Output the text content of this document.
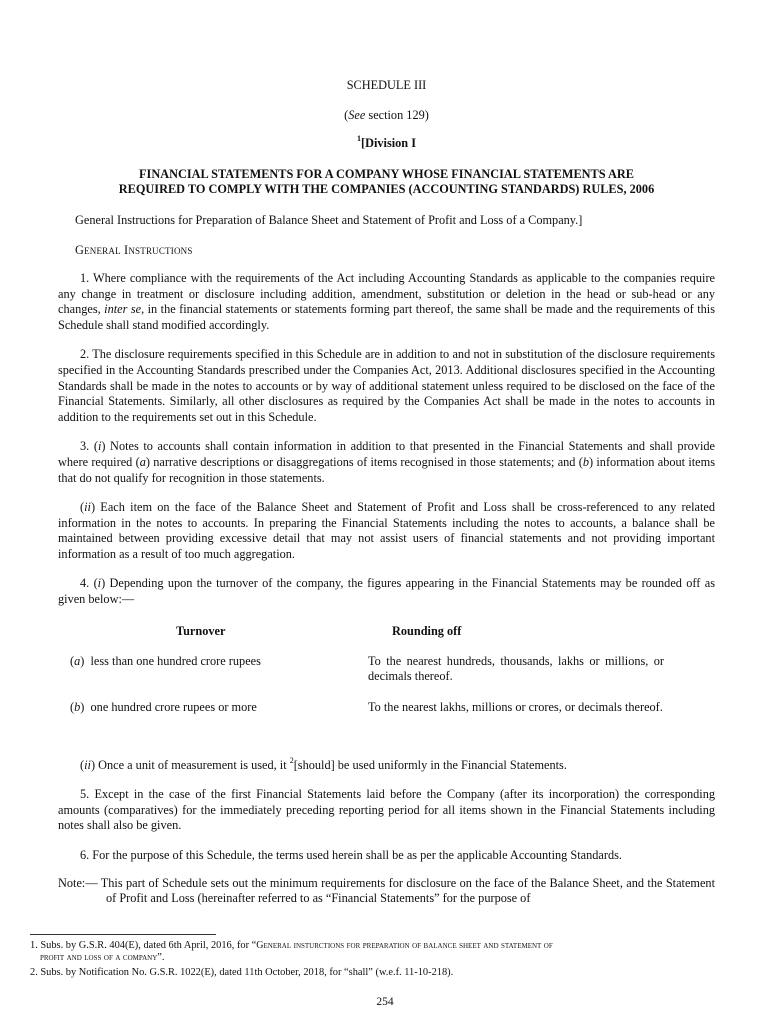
SCHEDULE III
(See section 129)
$^1$[Division I
FINANCIAL STATEMENTS FOR A COMPANY WHOSE FINANCIAL STATEMENTS ARE
REQUIRED TO COMPLY WITH THE COMPANIES (ACCOUNTING STANDARDS) RULES, 2006
General Instructions for Preparation of Balance Sheet and Statement of Profit and Loss of a Company.]
General Instructions
1. Where compliance with the requirements of the Act including Accounting Standards as applicable to the companies require any change in treatment or disclosure including addition, amendment, substitution or deletion in the head or sub-head or any changes, inter se, in the financial statements or statements forming part thereof, the same shall be made and the requirements of this Schedule shall stand modified accordingly.
2. The disclosure requirements specified in this Schedule are in addition to and not in substitution of the disclosure requirements specified in the Accounting Standards prescribed under the Companies Act, 2013. Additional disclosures specified in the Accounting Standards shall be made in the notes to accounts or by way of additional statement unless required to be disclosed on the face of the Financial Statements. Similarly, all other disclosures as required by the Companies Act shall be made in the notes to accounts in addition to the requirements set out in this Schedule.
3. (i) Notes to accounts shall contain information in addition to that presented in the Financial Statements and shall provide where required (a) narrative descriptions or disaggregations of items recognised in those statements; and (b) information about items that do not qualify for recognition in those statements.
(ii) Each item on the face of the Balance Sheet and Statement of Profit and Loss shall be cross-referenced to any related information in the notes to accounts. In preparing the Financial Statements including the notes to accounts, a balance shall be maintained between providing excessive detail that may not assist users of financial statements and not providing important information as a result of too much aggregation.
4. (i) Depending upon the turnover of the company, the figures appearing in the Financial Statements may be rounded off as given below:—
Turnover	Rounding off
(a)  less than one hundred crore rupees	To the nearest hundreds, thousands, lakhs or millions, or decimals thereof.
(b)  one hundred crore rupees or more	To the nearest lakhs, millions or crores, or decimals thereof.
(ii) Once a unit of measurement is used, it $^2$[should] be used uniformly in the Financial Statements.
5. Except in the case of the first Financial Statements laid before the Company (after its incorporation) the corresponding amounts (comparatives) for the immediately preceding reporting period for all items shown in the Financial Statements including notes shall also be given.
6. For the purpose of this Schedule, the terms used herein shall be as per the applicable Accounting Standards.
Note:— This part of Schedule sets out the minimum requirements for disclosure on the face of the Balance Sheet, and the Statement of Profit and Loss (hereinafter referred to as “Financial Statements” for the purpose of
1. Subs. by G.S.R. 404(E), dated 6th April, 2016, for “General insturctions for preparation of balance sheet and statement of
profit and loss of a company”.
2. Subs. by Notification No. G.S.R. 1022(E), dated 11th October, 2018, for “shall” (w.e.f. 11-10-218).
254
